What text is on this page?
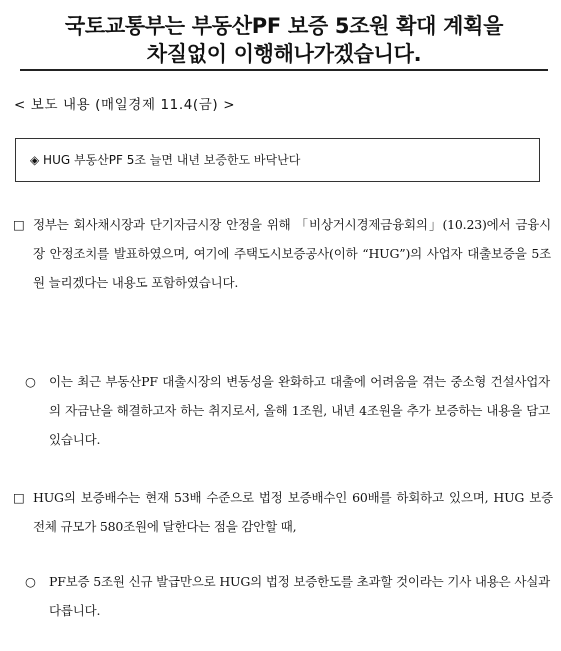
국토교통부는 부동산PF 보증 5조원 확대 계획을
차질없이 이행해나가겠습니다.
< 보도 내용 (매일경제 11.4(금) >
◈ HUG 부동산PF 5조 늘면 내년 보증한도 바닥난다
□ 정부는 회사채시장과 단기자금시장 안정을 위해 「비상거시경제금융회의」(10.23)에서 금융시장 안정조치를 발표하였으며, 여기에 주택도시보증공사(이하 “HUG”)의 사업자 대출보증을 5조원 늘리겠다는 내용도 포함하였습니다.
○	이는 최근 부동산PF 대출시장의 변동성을 완화하고 대출에 어려움을 겪는 중소형 건설사업자의 자금난을 해결하고자 하는 취지로서, 올해 1조원, 내년 4조원을 추가 보증하는 내용을 담고 있습니다.
□ HUG의 보증배수는 현재 53배 수준으로 법정 보증배수인 60배를 하회하고 있으며, HUG 보증 전체 규모가 580조원에 달한다는 점을 감안할 때,
○	PF보증 5조원 신규 발급만으로 HUG의 법정 보증한도를 초과할 것이라는 기사 내용은 사실과 다릅니다.
